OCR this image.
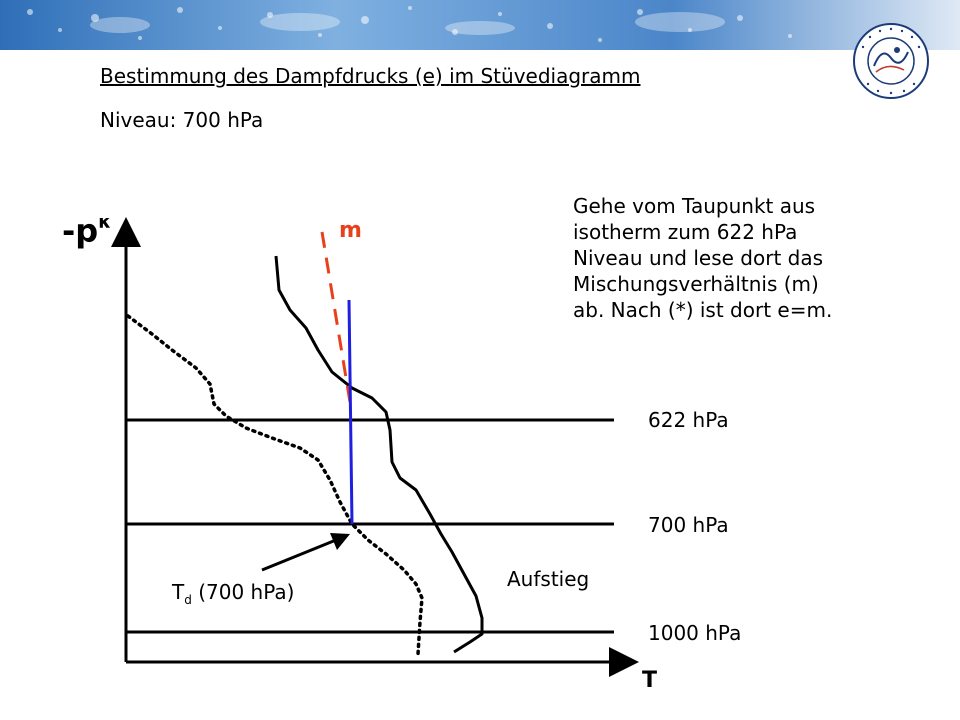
Bestimmung des Dampfdrucks (e) im Stüvediagramm
Niveau: 700 hPa
Gehe vom Taupunkt aus
isotherm zum 622 hPa
Niveau und lese dort das
Mischungsverhältnis (m)
ab. Nach (*) ist dort e=m.
$-p^\kappa$
T
m
622 hPa
700 hPa
1000 hPa
Aufstieg
$T_d$ (700 hPa)
